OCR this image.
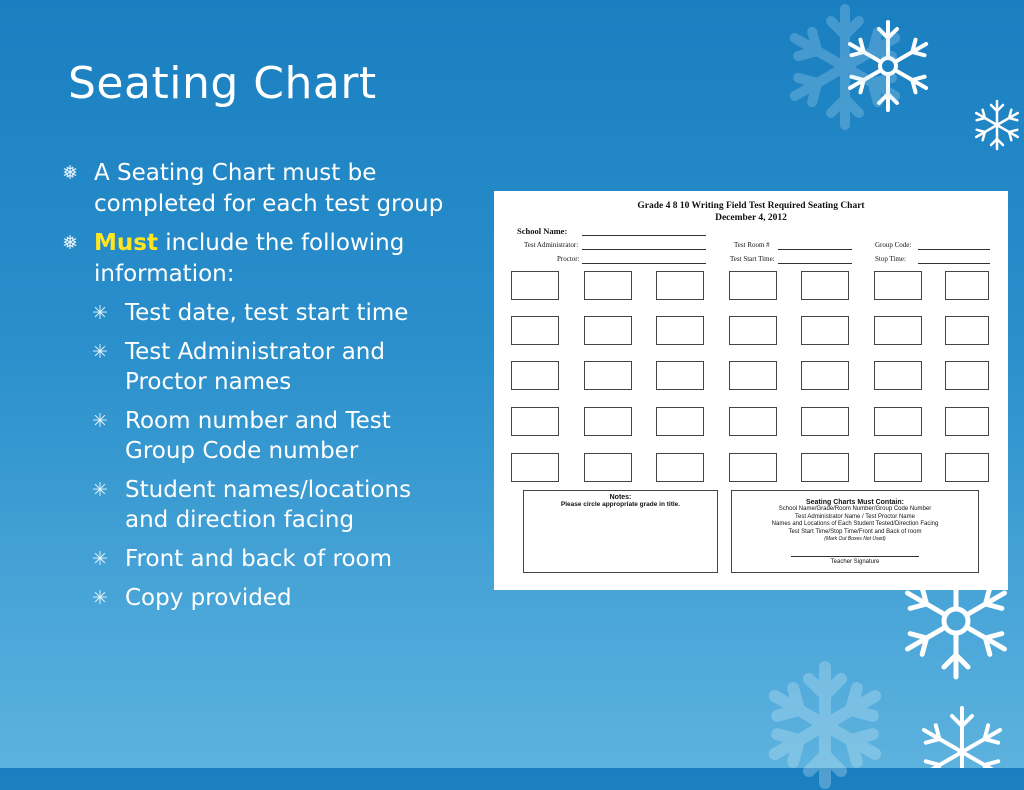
Seating Chart
❅ A Seating Chart must be
completed for each test group
❅ Must include the following
information:
✳ Test date, test start time
✳ Test Administrator and
Proctor names
✳ Room number and Test
Group Code number
✳ Student names/locations
and direction facing
✳ Front and back of room
✳ Copy provided
Grade 4 8 10 Writing Field Test Required Seating Chart
December 4, 2012
School Name:
Test Administrator:	Test Room #	Group Code:
Proctor:	Test Start Time:	Stop Time:
Notes:
Please circle appropriate grade in title.	Seating Charts Must Contain:
School Name/Grade/Room Number/Group Code Number
Test Administrator Name / Test Proctor Name
Names and Locations of Each Student Tested/Direction Facing
Test Start Time/Stop Time/Front and Back of room
(Mark Out Boxes Not Used)
Teacher Signature
